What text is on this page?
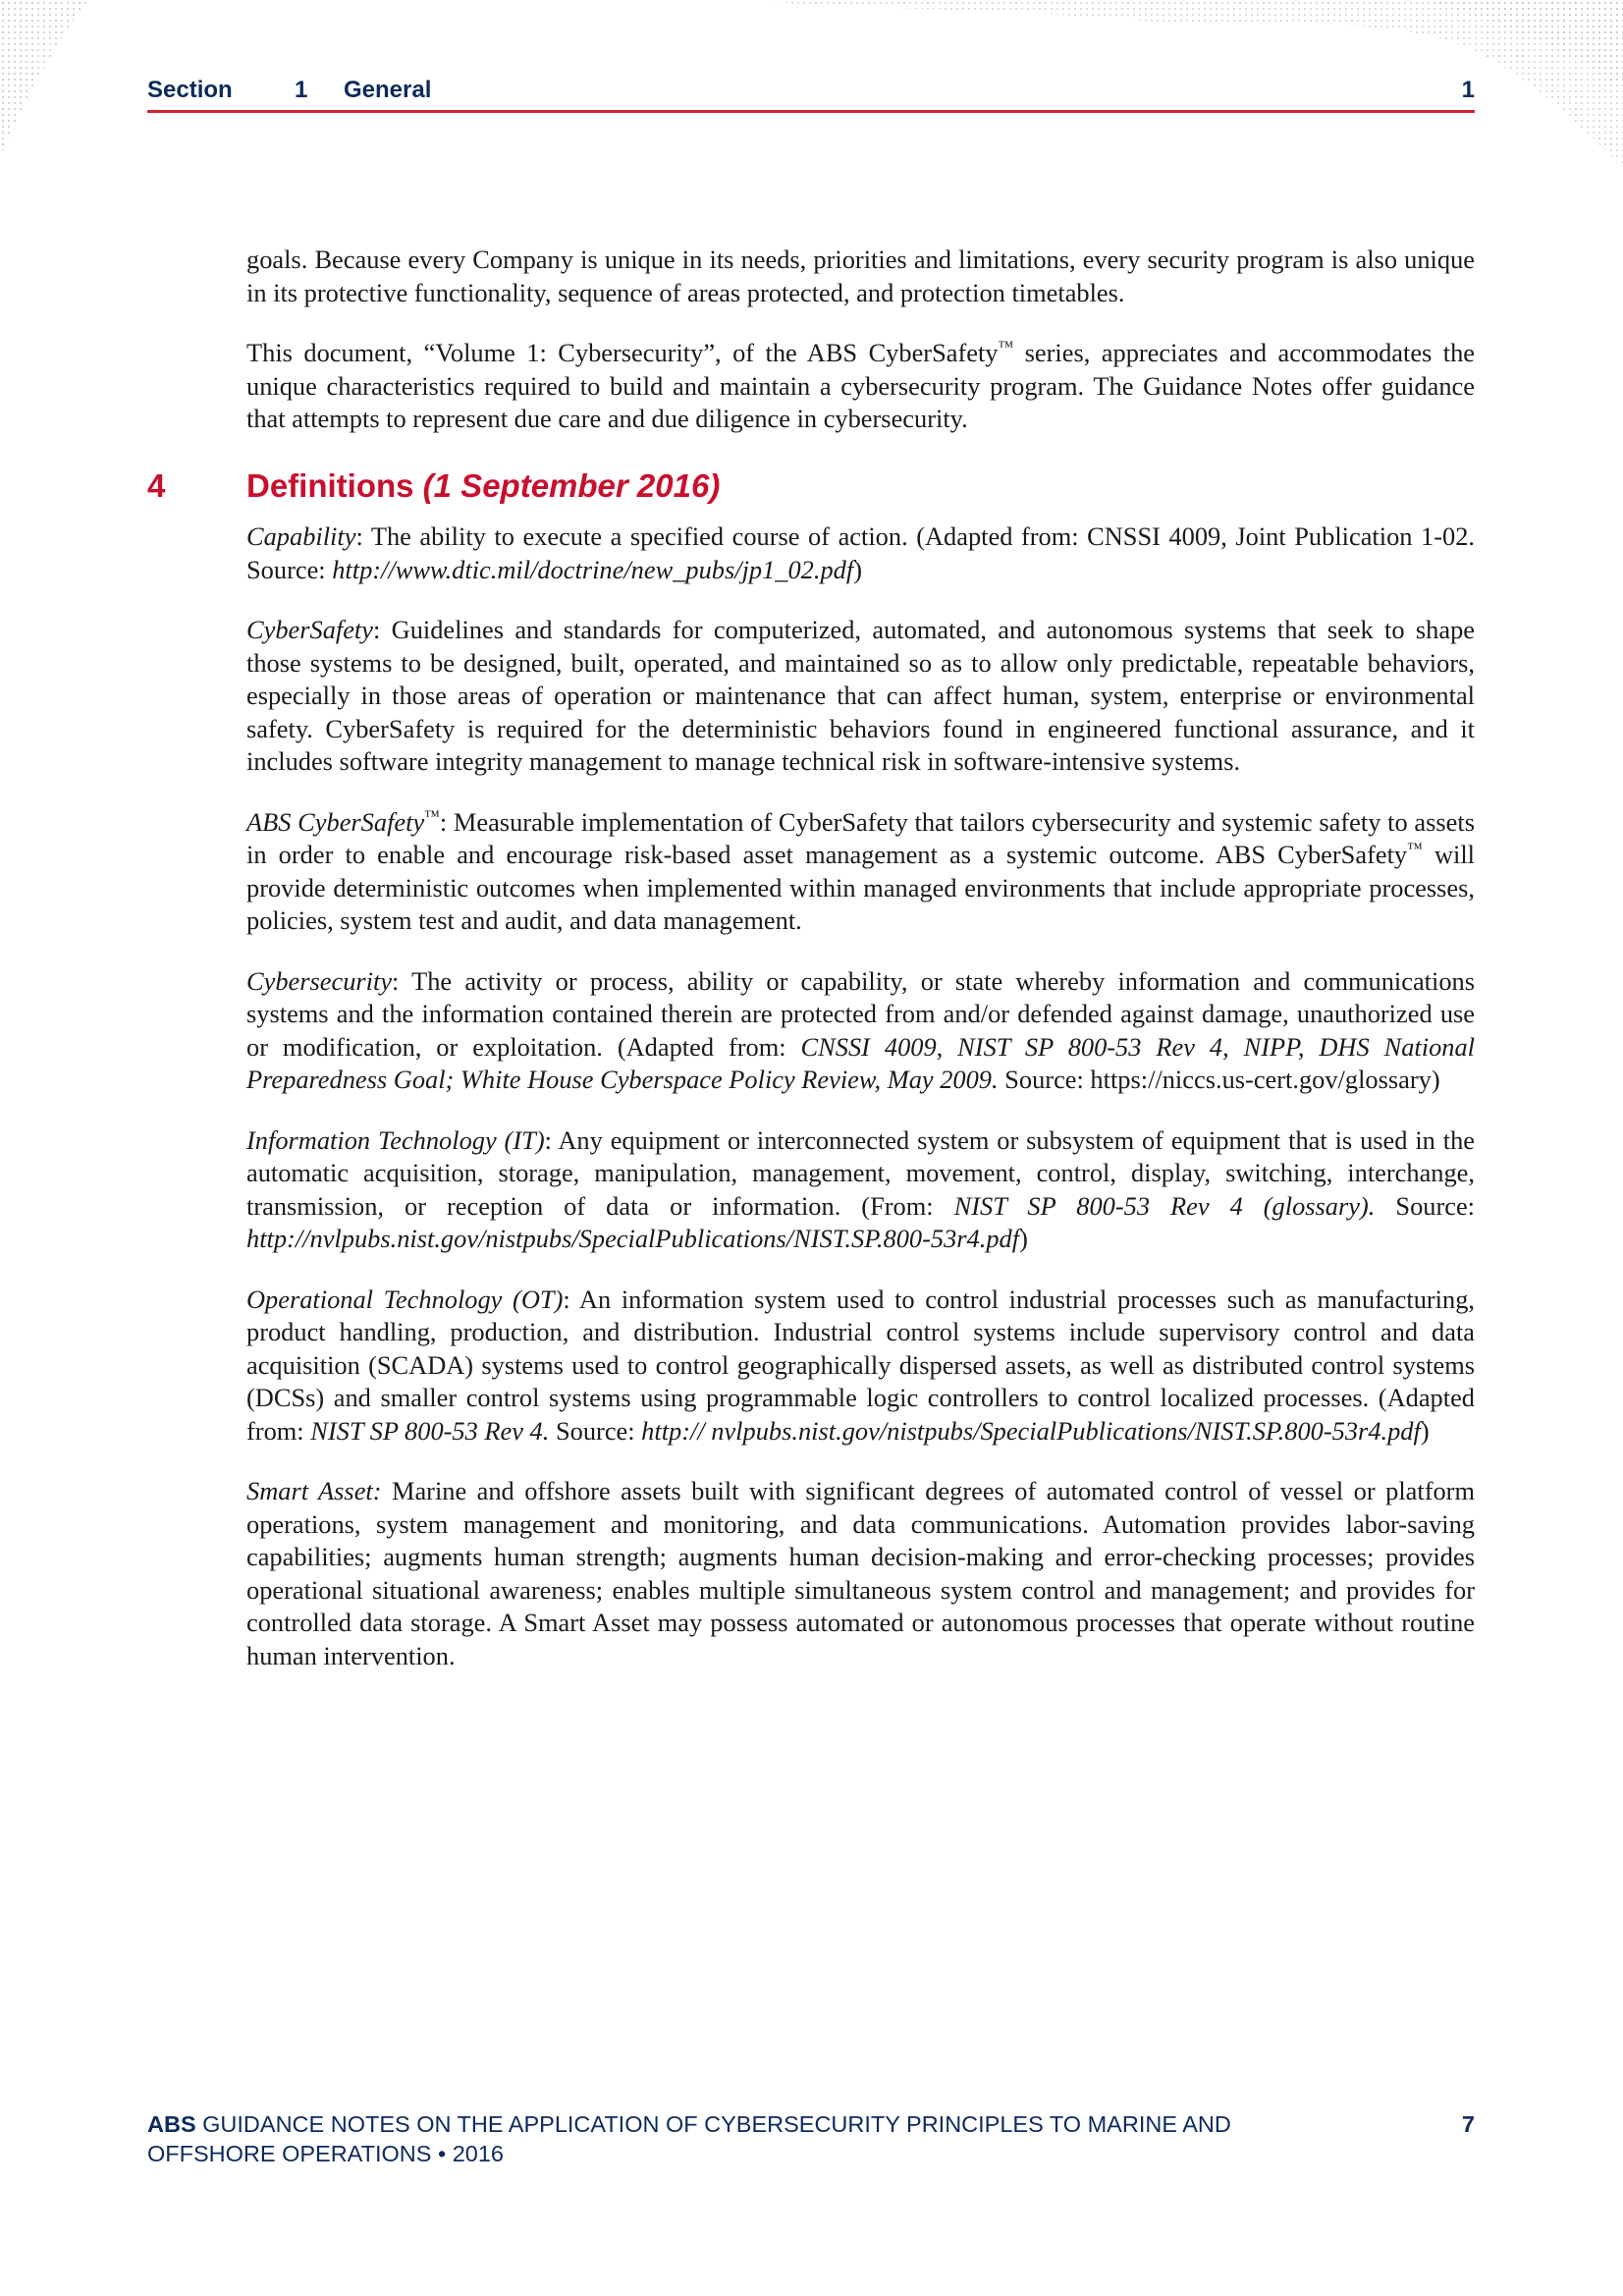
Section	1 General	1

goals. Because every Company is unique in its needs, priorities and limitations, every security program is also unique in its protective functionality, sequence of areas protected, and protection timetables.

This document, “Volume 1: Cybersecurity”, of the ABS CyberSafety™ series, appreciates and accommodates the unique characteristics required to build and maintain a cybersecurity program. The Guidance Notes offer guidance that attempts to represent due care and due diligence in cybersecurity.

4	Definitions (1 September 2016)

Capability: The ability to execute a specified course of action. (Adapted from: CNSSI 4009, Joint Publication 1-02. Source: http://www.dtic.mil/doctrine/new_pubs/jp1_02.pdf)

CyberSafety: Guidelines and standards for computerized, automated, and autonomous systems that seek to shape those systems to be designed, built, operated, and maintained so as to allow only predictable, repeatable behaviors, especially in those areas of operation or maintenance that can affect human, system, enterprise or environmental safety. CyberSafety is required for the deterministic behaviors found in engineered functional assurance, and it includes software integrity management to manage technical risk in software-intensive systems.

ABS CyberSafety™: Measurable implementation of CyberSafety that tailors cybersecurity and systemic safety to assets in order to enable and encourage risk-based asset management as a systemic outcome. ABS CyberSafety™ will provide deterministic outcomes when implemented within managed environments that include appropriate processes, policies, system test and audit, and data management.

Cybersecurity: The activity or process, ability or capability, or state whereby information and communications systems and the information contained therein are protected from and/or defended against damage, unauthorized use or modification, or exploitation. (Adapted from: CNSSI 4009, NIST SP 800-53 Rev 4, NIPP, DHS National Preparedness Goal; White House Cyberspace Policy Review, May 2009. Source: https://niccs.us-cert.gov/glossary)

Information Technology (IT): Any equipment or interconnected system or subsystem of equipment that is used in the automatic acquisition, storage, manipulation, management, movement, control, display, switching, interchange, transmission, or reception of data or information. (From: NIST SP 800-53 Rev 4 (glossary). Source: http://nvlpubs.nist.gov/nistpubs/SpecialPublications/NIST.SP.800-53r4.pdf)

Operational Technology (OT): An information system used to control industrial processes such as manufacturing, product handling, production, and distribution. Industrial control systems include supervisory control and data acquisition (SCADA) systems used to control geographically dispersed assets, as well as distributed control systems (DCSs) and smaller control systems using programmable logic controllers to control localized processes. (Adapted from: NIST SP 800-53 Rev 4. Source: http:// nvlpubs.nist.gov/nistpubs/SpecialPublications/NIST.SP.800-53r4.pdf)

Smart Asset: Marine and offshore assets built with significant degrees of automated control of vessel or platform operations, system management and monitoring, and data communications. Automation provides labor-saving capabilities; augments human strength; augments human decision-making and error-checking processes; provides operational situational awareness; enables multiple simultaneous system control and management; and provides for controlled data storage. A Smart Asset may possess automated or autonomous processes that operate without routine human intervention.

ABS GUIDANCE NOTES ON THE APPLICATION OF CYBERSECURITY PRINCIPLES TO MARINE AND
OFFSHORE OPERATIONS • 2016
7
